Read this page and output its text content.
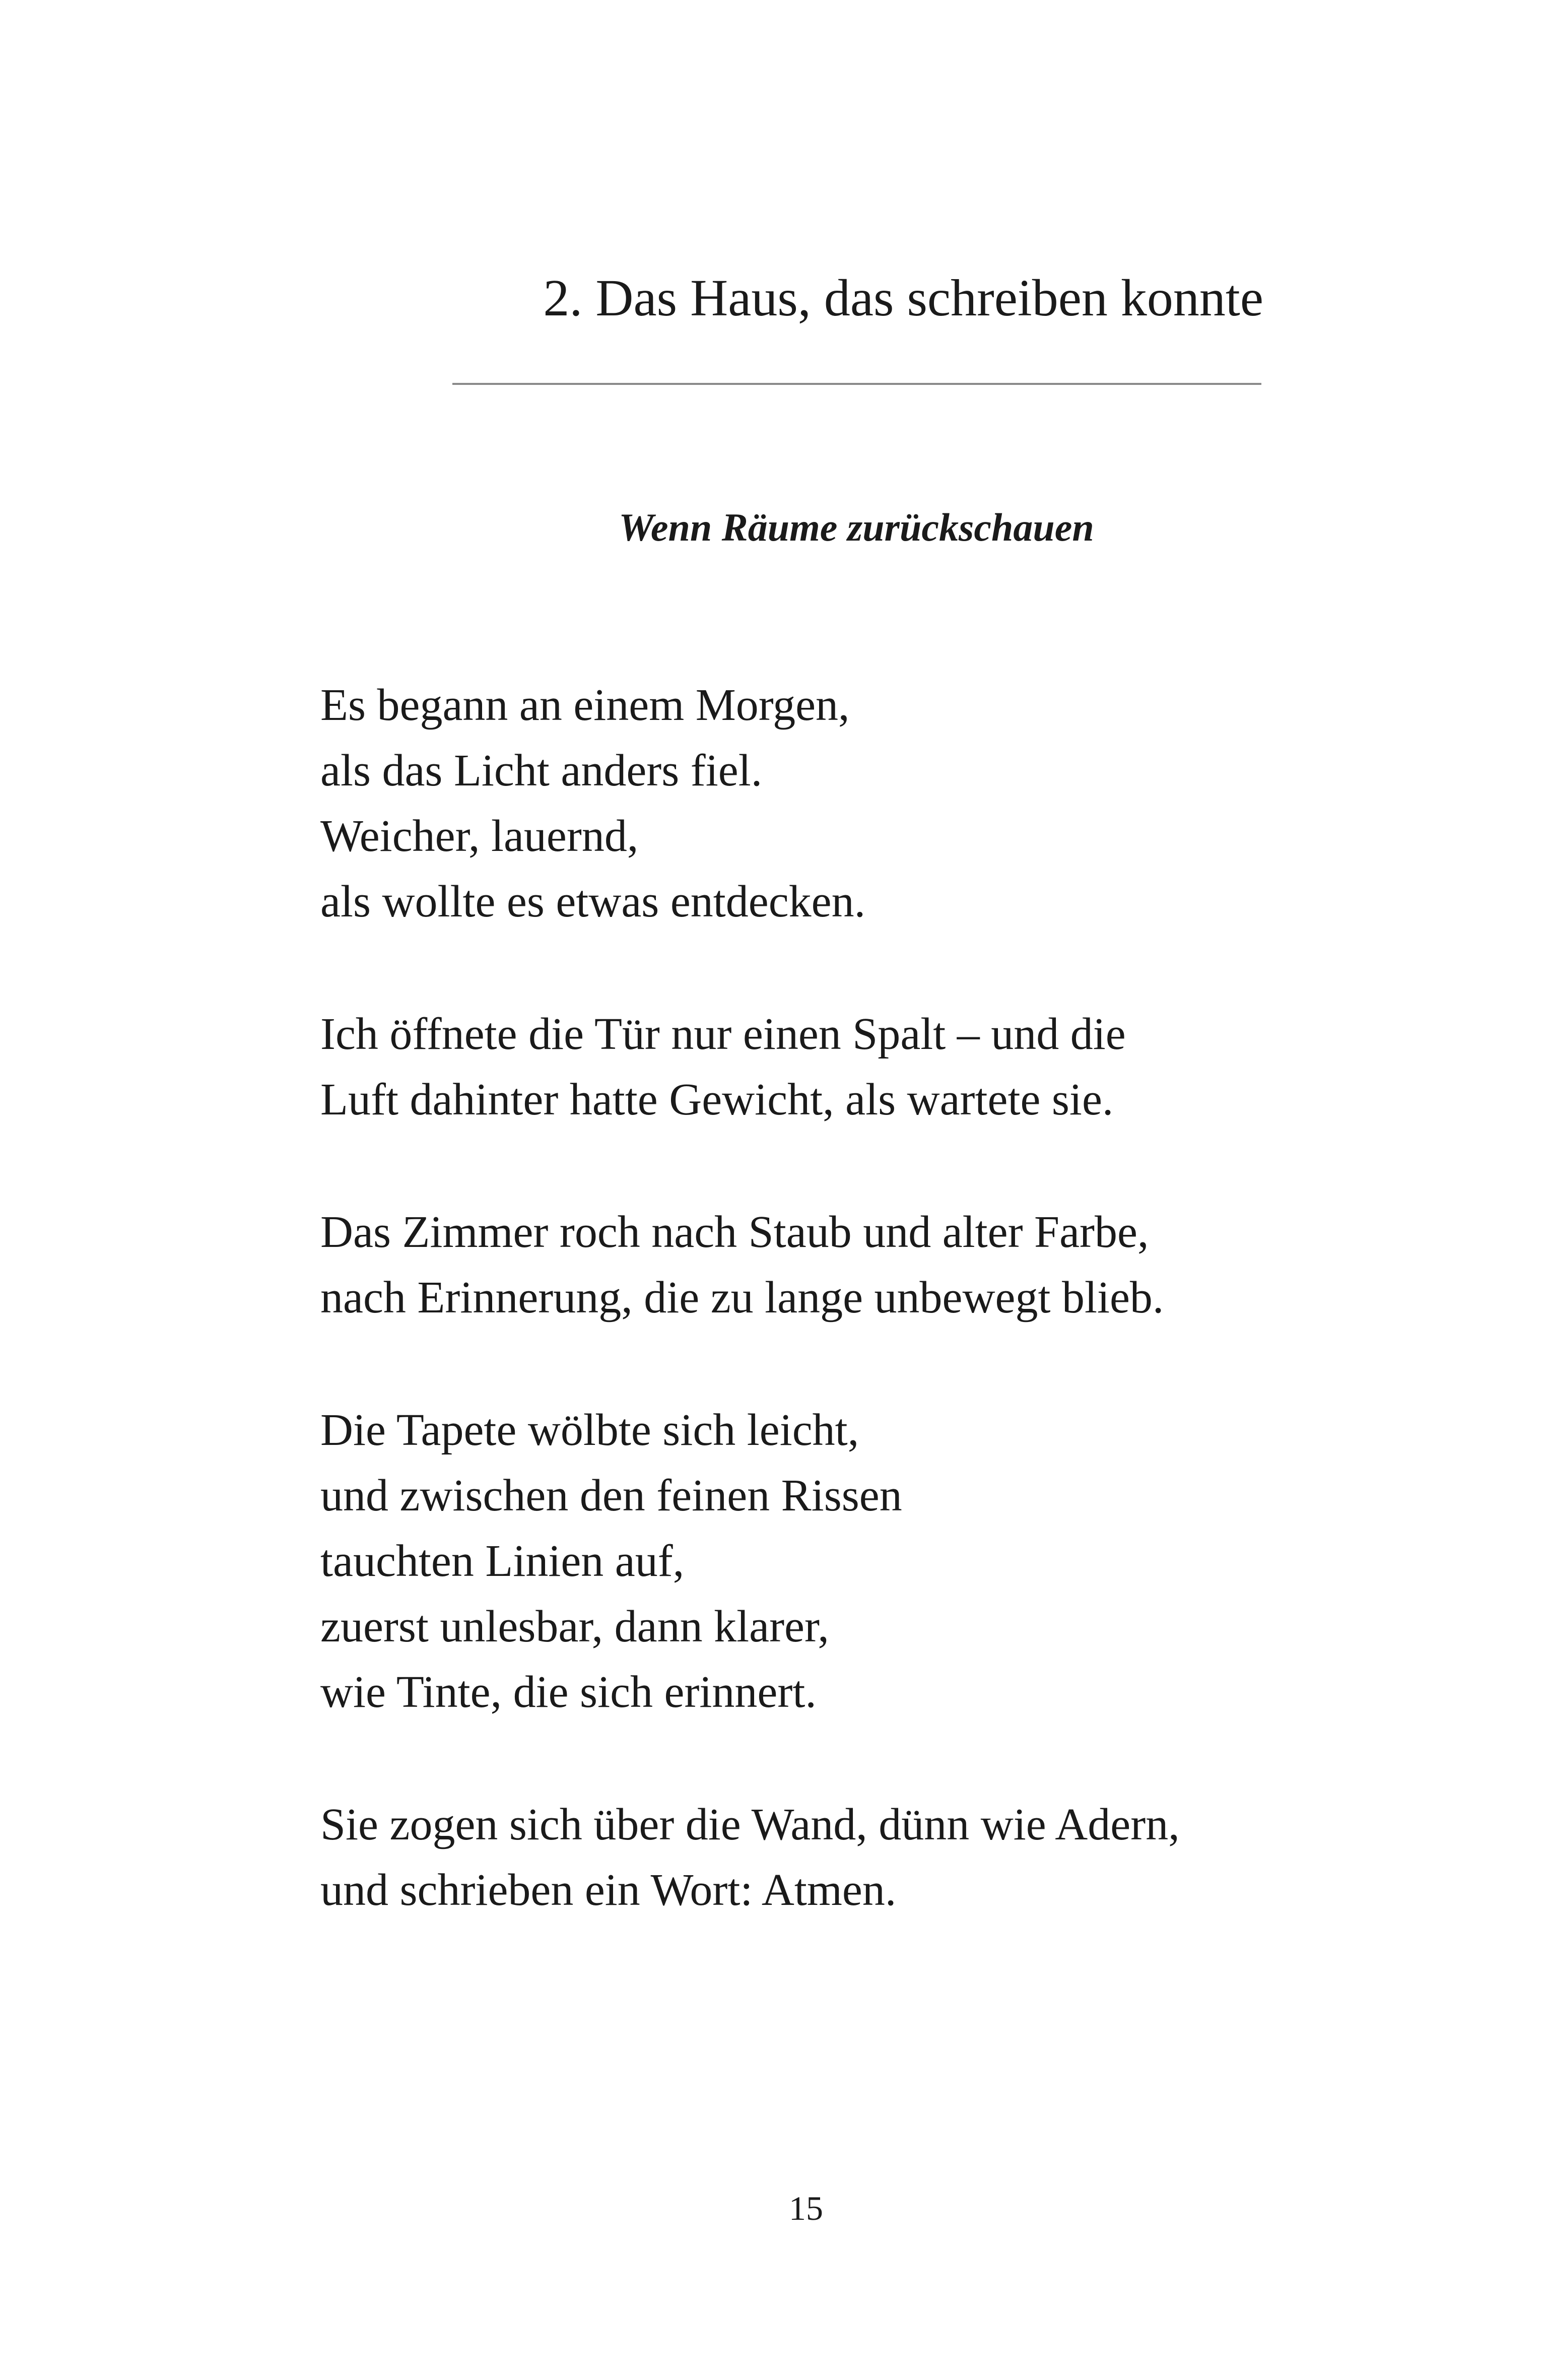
2. Das Haus, das schreiben konnte
Wenn Räume zurückschauen

Es begann an einem Morgen,
als das Licht anders fiel.
Weicher, lauernd,
als wollte es etwas entdecken.

Ich öffnete die Tür nur einen Spalt – und die
Luft dahinter hatte Gewicht, als wartete sie.

Das Zimmer roch nach Staub und alter Farbe,
nach Erinnerung, die zu lange unbewegt blieb.

Die Tapete wölbte sich leicht,
und zwischen den feinen Rissen
tauchten Linien auf,
zuerst unlesbar, dann klarer,
wie Tinte, die sich erinnert.

Sie zogen sich über die Wand, dünn wie Adern,
und schrieben ein Wort: Atmen.

15
